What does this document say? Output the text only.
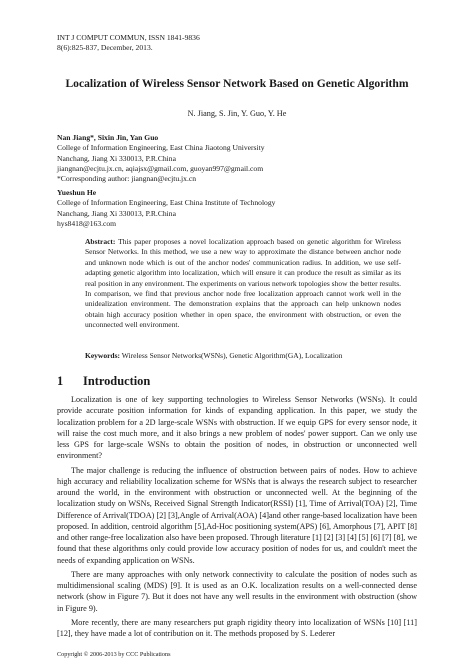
INT J COMPUT COMMUN, ISSN 1841-9836
8(6):825-837, December, 2013.
Localization of Wireless Sensor Network Based on Genetic Algorithm
N. Jiang, S. Jin, Y. Guo, Y. He
Nan Jiang*, Sixin Jin, Yan Guo
College of Information Engineering, East China Jiaotong University
Nanchang, Jiang Xi 330013, P.R.China
jiangnan@ecjtu.jx.cn, aqiajsx@gmail.com, guoyan997@gmail.com
*Corresponding author: jiangnan@ecjtu.jx.cn
Yueshun He
College of Information Engineering, East China Institute of Technology
Nanchang, Jiang Xi 330013, P.R.China
hys8418@163.com
Abstract: This paper proposes a novel localization approach based on genetic algorithm for Wireless Sensor Networks. In this method, we use a new way to approximate the distance between anchor node and unknown node which is out of the anchor nodes' communication radius. In addition, we use self-adapting genetic algorithm into localization, which will ensure it can produce the result as similar as its real position in any environment. The experiments on various network topologies show the better results. In comparison, we find that previous anchor node free localization approach cannot work well in the unidealization environment. The demonstration explains that the approach can help unknown nodes obtain high accuracy position whether in open space, the environment with obstruction, or even the unconnected well environment.
Keywords: Wireless Sensor Networks(WSNs), Genetic Algorithm(GA), Localization
1 Introduction

Localization is one of key supporting technologies to Wireless Sensor Networks (WSNs). It could provide accurate position information for kinds of expanding application. In this paper, we study the localization problem for a 2D large-scale WSNs with obstruction. If we equip GPS for every sensor node, it will raise the cost much more, and it also brings a new problem of nodes' power support. Can we only use less GPS for large-scale WSNs to obtain the position of nodes, in obstruction or unconnected well environment?

The major challenge is reducing the influence of obstruction between pairs of nodes. How to achieve high accuracy and reliability localization scheme for WSNs that is always the research subject to researcher around the world, in the environment with obstruction or unconnected well. At the beginning of the localization study on WSNs, Received Signal Strength Indicator(RSSI) [1], Time of Arrival(TOA) [2], Time Difference of Arrival(TDOA) [2] [3],Angle of Arrival(AOA) [4]and other range-based localization have been proposed. In addition, centroid algorithm [5],Ad-Hoc positioning system(APS) [6], Amorphous [7], APIT [8] and other range-free localization also have been proposed. Through literature [1] [2] [3] [4] [5] [6] [7] [8], we found that these algorithms only could provide low accuracy position of nodes for us, and couldn't meet the needs of expanding application on WSNs.

There are many approaches with only network connectivity to calculate the position of nodes such as multidimensional scaling (MDS) [9]. It is used as an O.K. localization results on a well-connected dense network (show in Figure 7). But it does not have any well results in the environment with obstruction (show in Figure 9).

More recently, there are many researchers put graph rigidity theory into localization of WSNs [10] [11] [12], they have made a lot of contribution on it. The methods proposed by S. Lederer

Copyright © 2006-2013 by CCC Publications
